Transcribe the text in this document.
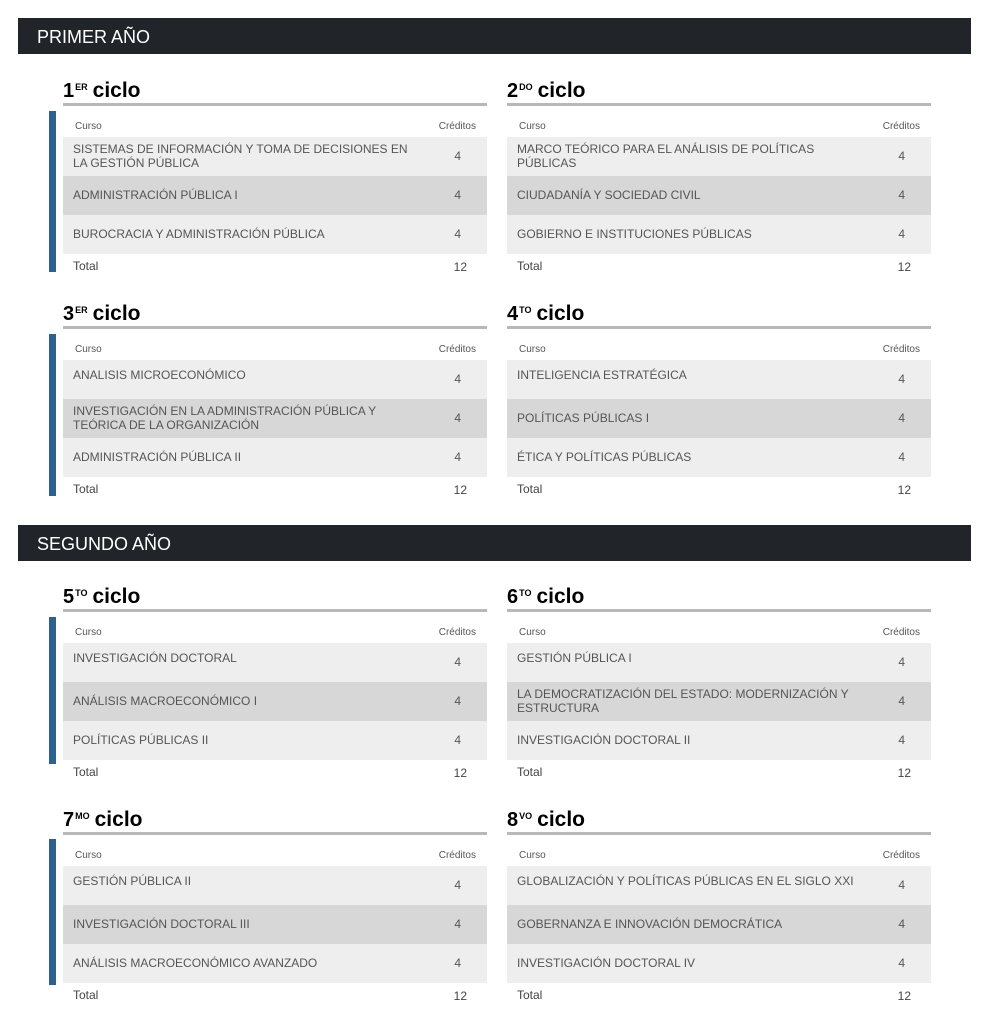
PRIMER AÑO
SEGUNDO AÑO
1ER ciclo
Curso	Créditos
SISTEMAS DE INFORMACIÓN Y TOMA DE DECISIONES EN LA GESTIÓN PÚBLICA	4
ADMINISTRACIÓN PÚBLICA I	4
BUROCRACIA Y ADMINISTRACIÓN PÚBLICA	4
Total	12
$2^{DO}$ ciclo
Curso	Créditos
MARCO TEÓRICO PARA EL ANÁLISIS DE POLÍTICAS PÚBLICAS	4
CIUDADANÍA Y SOCIEDAD CIVIL	4
GOBIERNO E INSTITUCIONES PÚBLICAS	4
Total	12
3ER ciclo
Curso	Créditos
ANALISIS MICROECONÓMICO	4
INVESTIGACIÓN EN LA ADMINISTRACIÓN PÚBLICA Y TEÓRICA DE LA ORGANIZACIÓN	4
ADMINISTRACIÓN PÚBLICA II	4
Total	12
$4^{TO}$ ciclo
Curso	Créditos
INTELIGENCIA ESTRATÉGICA	4
POLÍTICAS PÚBLICAS I	4
ÉTICA Y POLÍTICAS PÚBLICAS	4
Total	12
$5^{TO}$ ciclo
Curso	Créditos
INVESTIGACIÓN DOCTORAL	4
ANÁLISIS MACROECONÓMICO I	4
POLÍTICAS PÚBLICAS II	4
Total	12
$6^{TO}$ ciclo
Curso	Créditos
GESTIÓN PÚBLICA I	4
LA DEMOCRATIZACIÓN DEL ESTADO: MODERNIZACIÓN Y ESTRUCTURA	4
INVESTIGACIÓN DOCTORAL II	4
Total	12
$7^{MO}$ ciclo
Curso	Créditos
GESTIÓN PÚBLICA II	4
INVESTIGACIÓN DOCTORAL III	4
ANÁLISIS MACROECONÓMICO AVANZADO	4
Total	12
$8^{VO}$ ciclo
Curso	Créditos
GLOBALIZACIÓN Y POLÍTICAS PÚBLICAS EN EL SIGLO XXI	4
GOBERNANZA E INNOVACIÓN DEMOCRÁTICA	4
INVESTIGACIÓN DOCTORAL IV	4
Total	12
